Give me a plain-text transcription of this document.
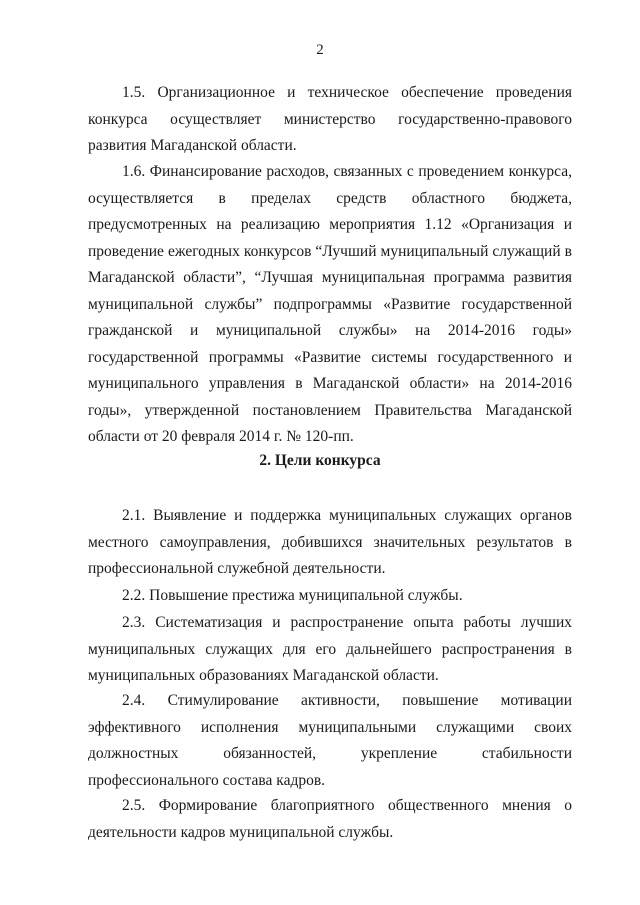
2

1.5. Организационное и техническое обеспечение проведения конкурса осуществляет министерство государственно-правового развития Магаданской области.

1.6. Финансирование расходов, связанных с проведением конкурса, осуществляется в пределах средств областного бюджета, предусмотренных на реализацию мероприятия 1.12 «Организация и проведение ежегодных конкурсов “Лучший муниципальный служащий в Магаданской области”, “Лучшая муниципальная программа развития муниципальной службы” подпрограммы «Развитие государственной гражданской и муниципальной службы» на 2014-2016 годы» государственной программы «Развитие системы государственного и муниципального управления в Магаданской области» на 2014-2016 годы», утвержденной постановлением Правительства Магаданской области от 20 февраля 2014 г. № 120-пп.

2. Цели конкурса

2.1. Выявление и поддержка муниципальных служащих органов местного самоуправления, добившихся значительных результатов в профессиональной служебной деятельности.

2.2. Повышение престижа муниципальной службы.

2.3. Систематизация и распространение опыта работы лучших муниципальных служащих для его дальнейшего распространения в муниципальных образованиях Магаданской области.

2.4. Стимулирование активности, повышение мотивации эффективного исполнения муниципальными служащими своих должностных обязанностей, укрепление стабильности профессионального состава кадров.

2.5. Формирование благоприятного общественного мнения о деятельности кадров муниципальной службы.
